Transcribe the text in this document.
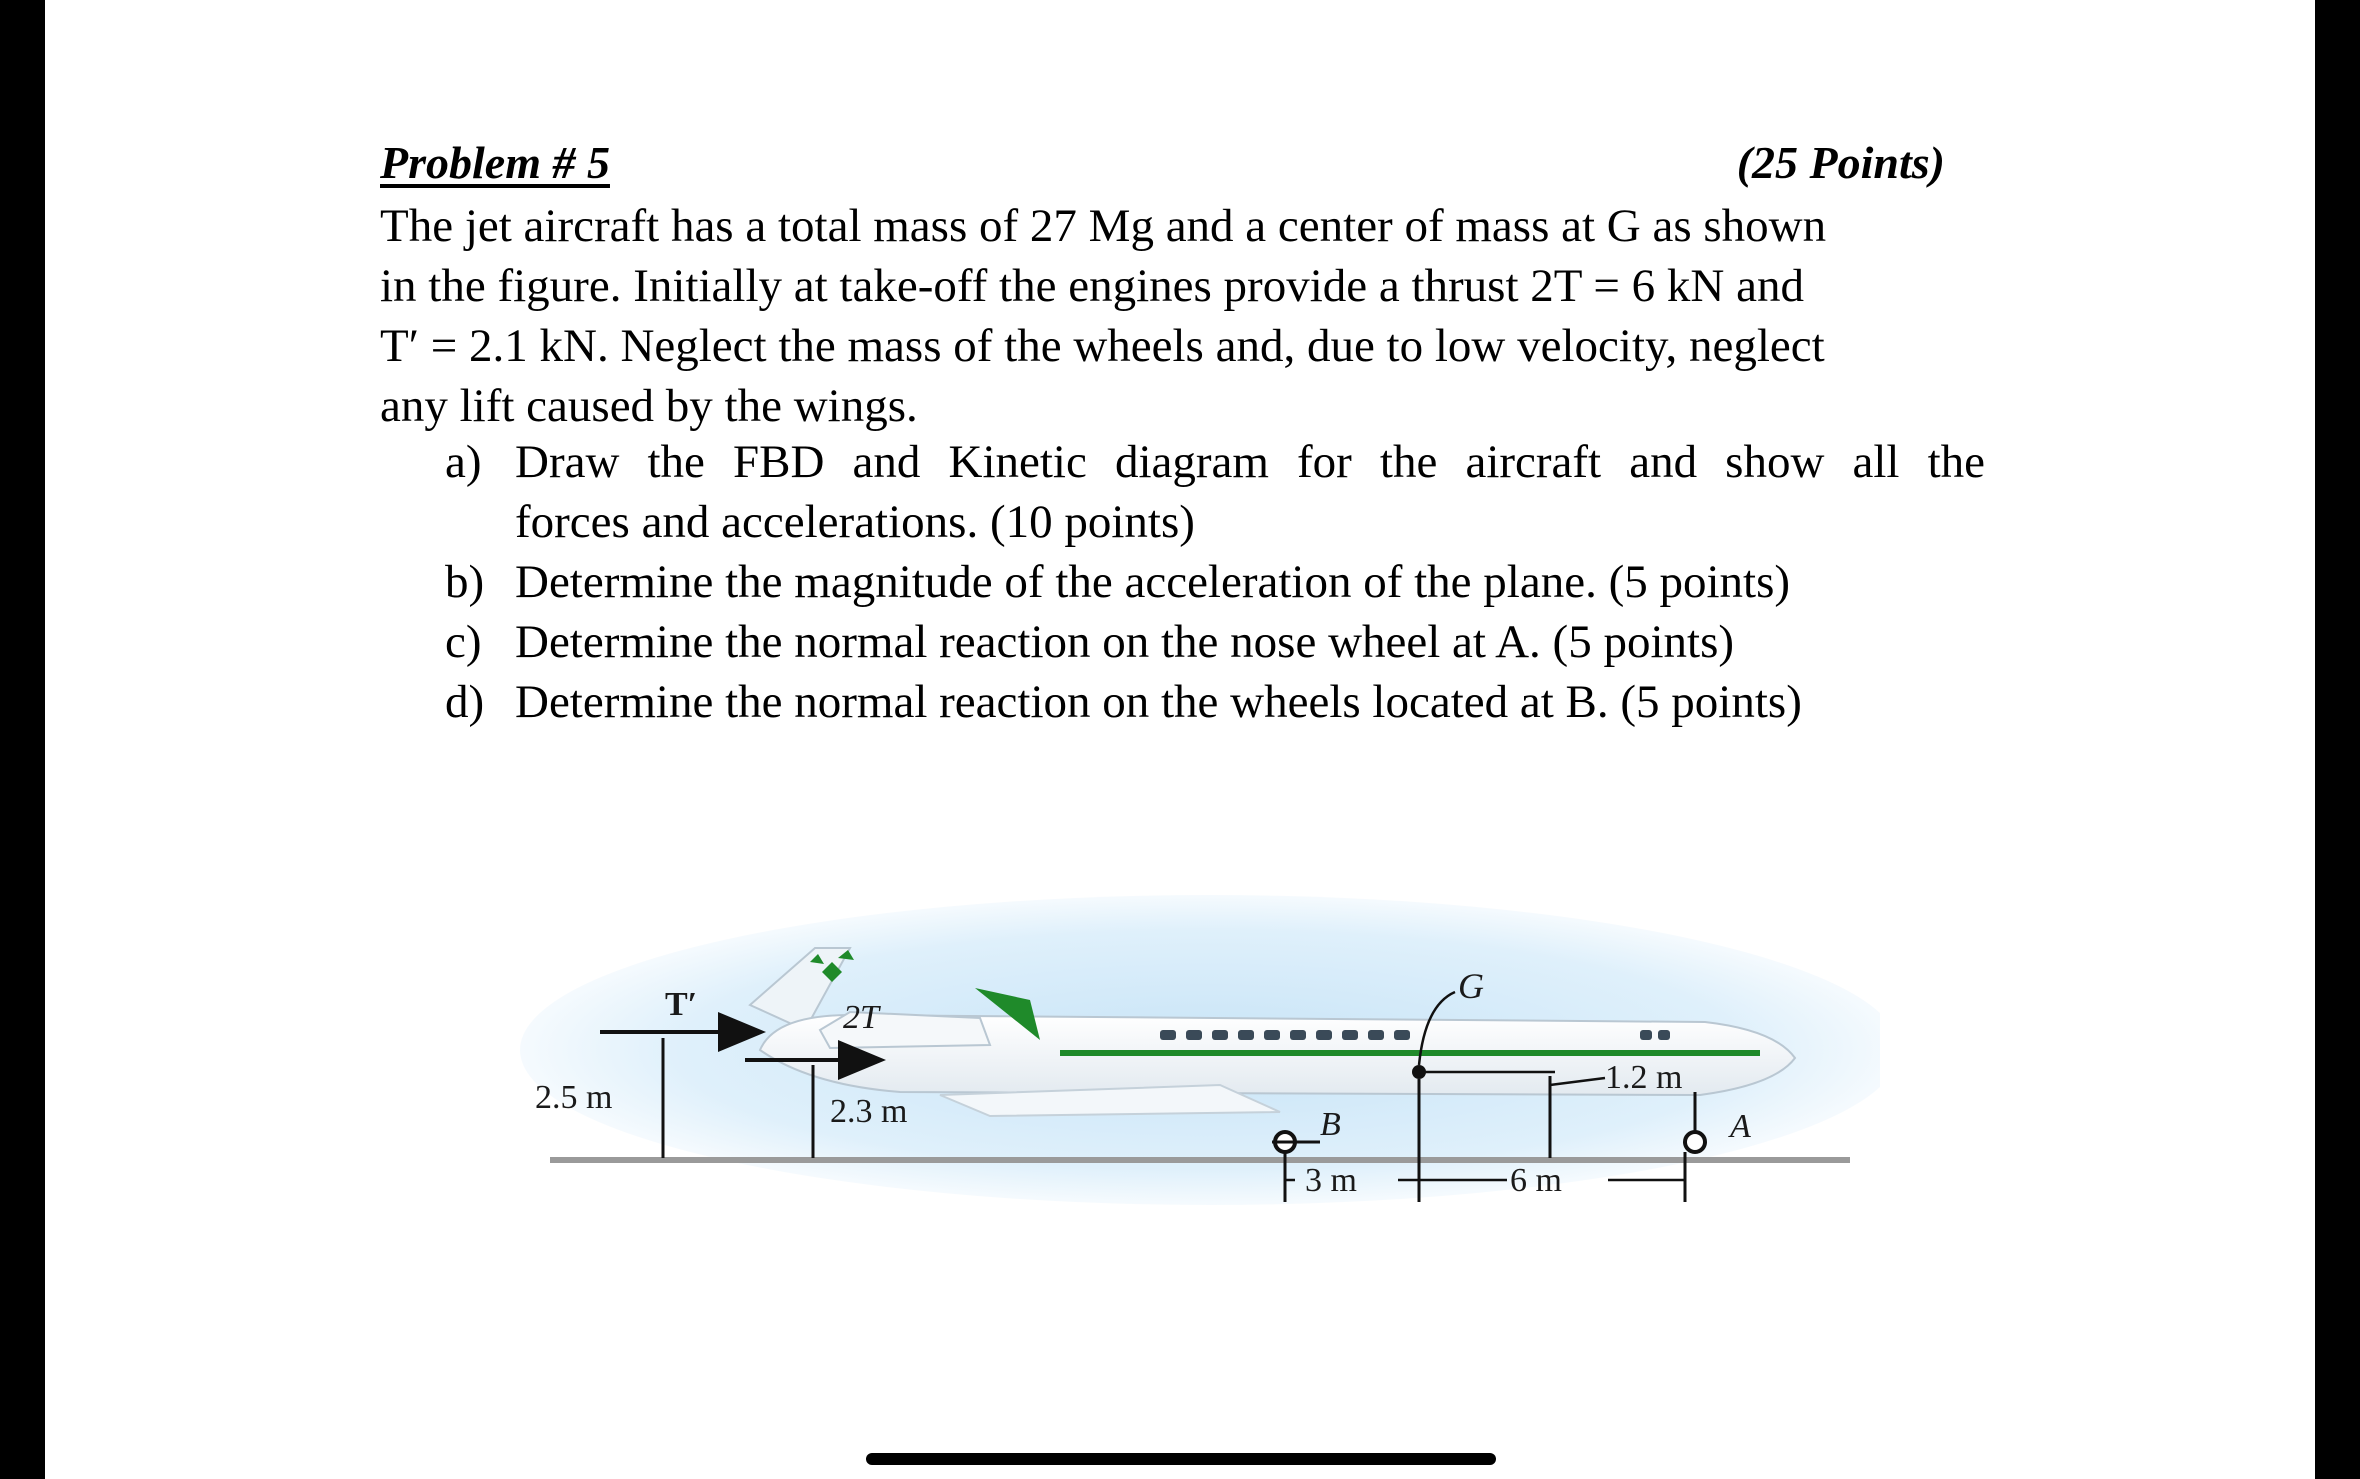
Problem # 5	(25 Points)
The jet aircraft has a total mass of 27 Mg and a center of mass at G as shown
in the figure. Initially at take-off the engines provide a thrust 2T = 6 kN and
T′ = 2.1 kN. Neglect the mass of the wheels and, due to low velocity, neglect
any lift caused by the wings.
a) Draw the FBD and Kinetic diagram for the aircraft and show all the
forces and accelerations. (10 points)
b) Determine the magnitude of the acceleration of the plane. (5 points)
c) Determine the normal reaction on the nose wheel at A. (5 points)
d) Determine the normal reaction on the wheels located at B. (5 points)
T′
2.5 m
2T
2.3 m
G
1.2 m
B	A
3 m	6 m
